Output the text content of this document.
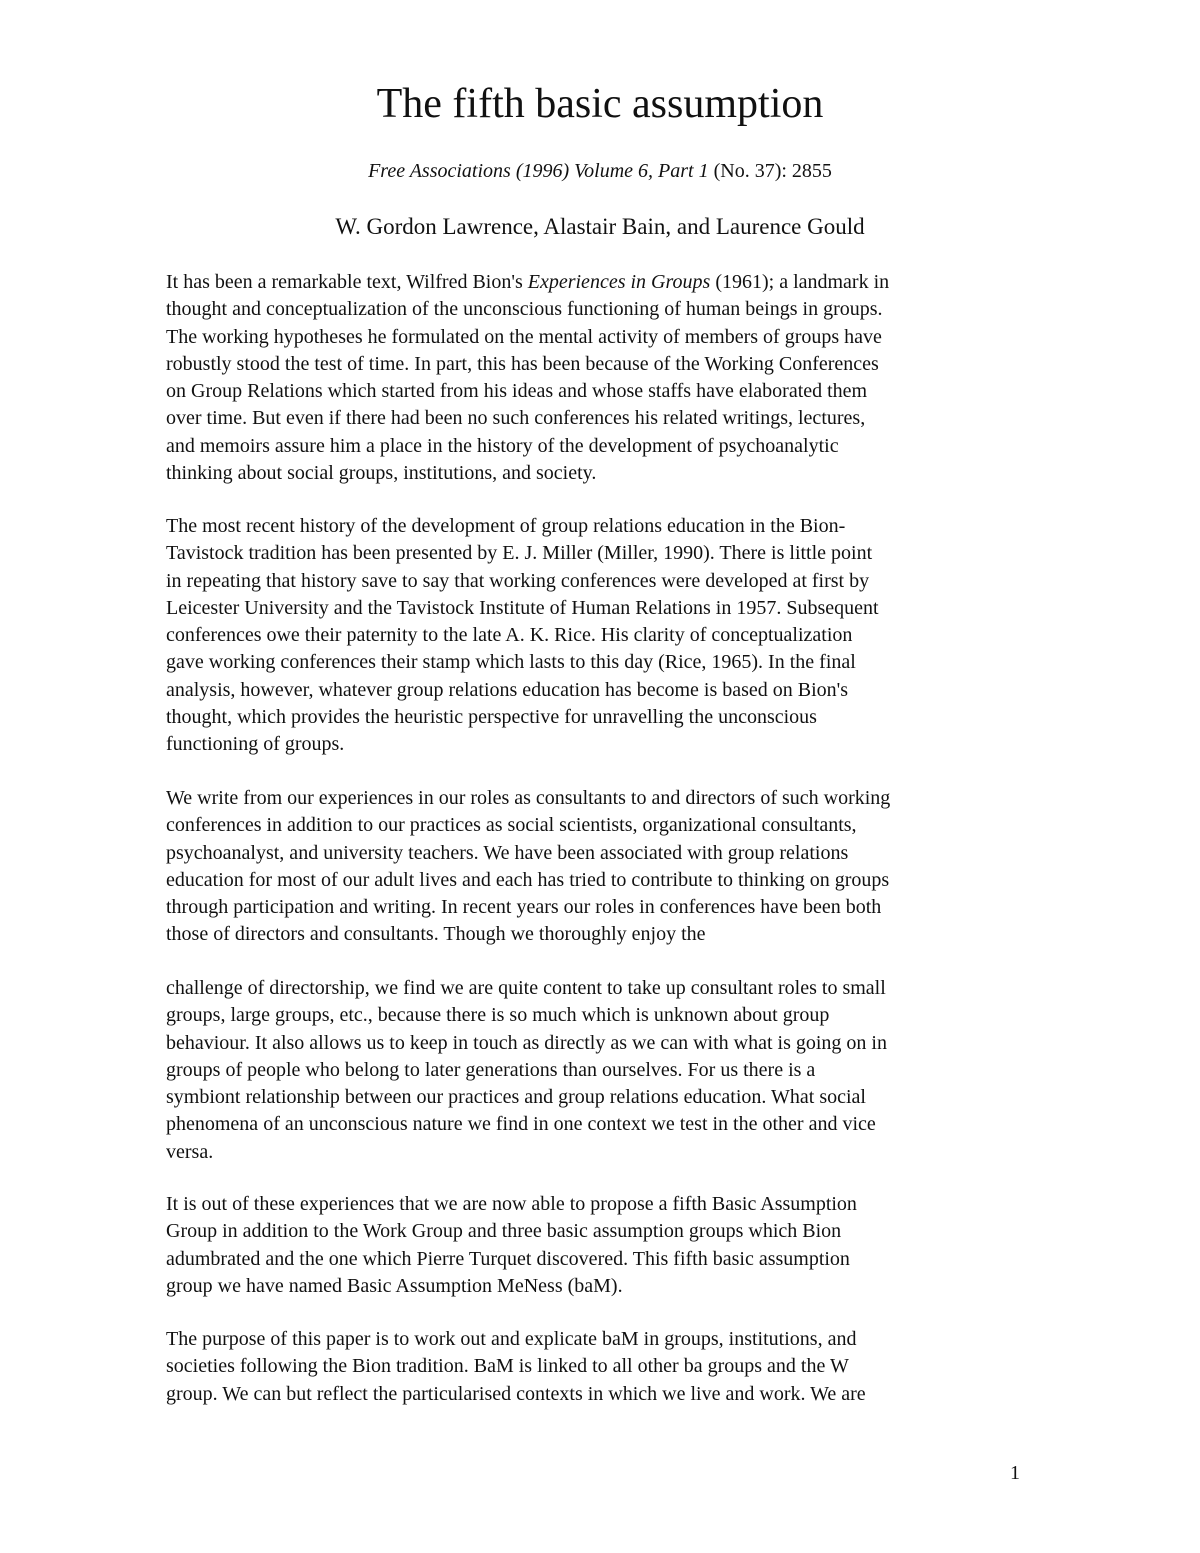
The fifth basic assumption
Free Associations (1996) Volume 6, Part 1 (No. 37): 2855
W. Gordon Lawrence, Alastair Bain, and Laurence Gould

It has been a remarkable text, Wilfred Bion's Experiences in Groups (1961); a landmark in
thought and conceptualization of the unconscious functioning of human beings in groups.
The working hypotheses he formulated on the mental activity of members of groups have
robustly stood the test of time. In part, this has been because of the Working Conferences
on Group Relations which started from his ideas and whose staffs have elaborated them
over time. But even if there had been no such conferences his related writings, lectures,
and memoirs assure him a place in the history of the development of psychoanalytic
thinking about social groups, institutions, and society.

The most recent history of the development of group relations education in the Bion-
Tavistock tradition has been presented by E. J. Miller (Miller, 1990). There is little point
in repeating that history save to say that working conferences were developed at first by
Leicester University and the Tavistock Institute of Human Relations in 1957. Subsequent
conferences owe their paternity to the late A. K. Rice. His clarity of conceptualization
gave working conferences their stamp which lasts to this day (Rice, 1965). In the final
analysis, however, whatever group relations education has become is based on Bion's
thought, which provides the heuristic perspective for unravelling the unconscious
functioning of groups.

We write from our experiences in our roles as consultants to and directors of such working
conferences in addition to our practices as social scientists, organizational consultants,
psychoanalyst, and university teachers. We have been associated with group relations
education for most of our adult lives and each has tried to contribute to thinking on groups
through participation and writing. In recent years our roles in conferences have been both
those of directors and consultants. Though we thoroughly enjoy the

challenge of directorship, we find we are quite content to take up consultant roles to small
groups, large groups, etc., because there is so much which is unknown about group
behaviour. It also allows us to keep in touch as directly as we can with what is going on in
groups of people who belong to later generations than ourselves. For us there is a
symbiont relationship between our practices and group relations education. What social
phenomena of an unconscious nature we find in one context we test in the other and vice
versa.

It is out of these experiences that we are now able to propose a fifth Basic Assumption
Group in addition to the Work Group and three basic assumption groups which Bion
adumbrated and the one which Pierre Turquet discovered. This fifth basic assumption
group we have named Basic Assumption MeNess (baM).

The purpose of this paper is to work out and explicate baM in groups, institutions, and
societies following the Bion tradition. BaM is linked to all other ba groups and the W
group. We can but reflect the particularised contexts in which we live and work. We are

1
